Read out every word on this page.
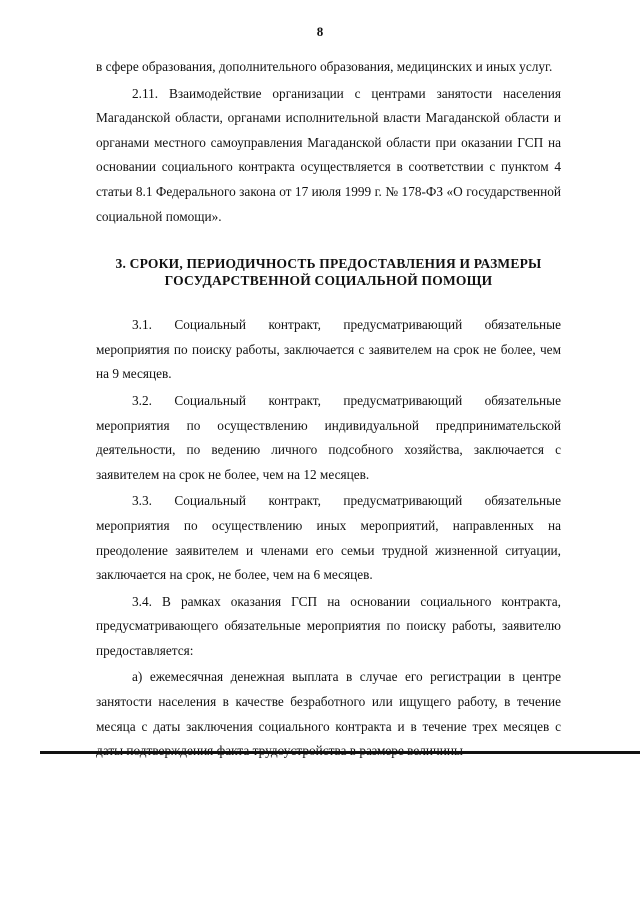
8

в сфере образования, дополнительного образования, медицинских и иных услуг.

2.11. Взаимодействие организации с центрами занятости населения Магаданской области, органами исполнительной власти Магаданской области и органами местного самоуправления Магаданской области при оказании ГСП на основании социального контракта осуществляется в соответствии с пунктом 4 статьи 8.1 Федерального закона от 17 июля 1999 г. № 178-ФЗ «О государственной социальной помощи».

3. СРОКИ, ПЕРИОДИЧНОСТЬ ПРЕДОСТАВЛЕНИЯ И РАЗМЕРЫ
ГОСУДАРСТВЕННОЙ СОЦИАЛЬНОЙ ПОМОЩИ

3.1. Социальный контракт, предусматривающий обязательные мероприятия по поиску работы, заключается с заявителем на срок не более, чем на 9 месяцев.

3.2. Социальный контракт, предусматривающий обязательные мероприятия по осуществлению индивидуальной предпринимательской деятельности, по ведению личного подсобного хозяйства, заключается с заявителем на срок не более, чем на 12 месяцев.

3.3. Социальный контракт, предусматривающий обязательные мероприятия по осуществлению иных мероприятий, направленных на преодоление заявителем и членами его семьи трудной жизненной ситуации, заключается на срок, не более, чем на 6 месяцев.

3.4. В рамках оказания ГСП на основании социального контракта, предусматривающего обязательные мероприятия по поиску работы, заявителю предоставляется:

а) ежемесячная денежная выплата в случае его регистрации в центре занятости населения в качестве безработного или ищущего работу, в течение месяца с даты заключения социального контракта и в течение трех месяцев с
